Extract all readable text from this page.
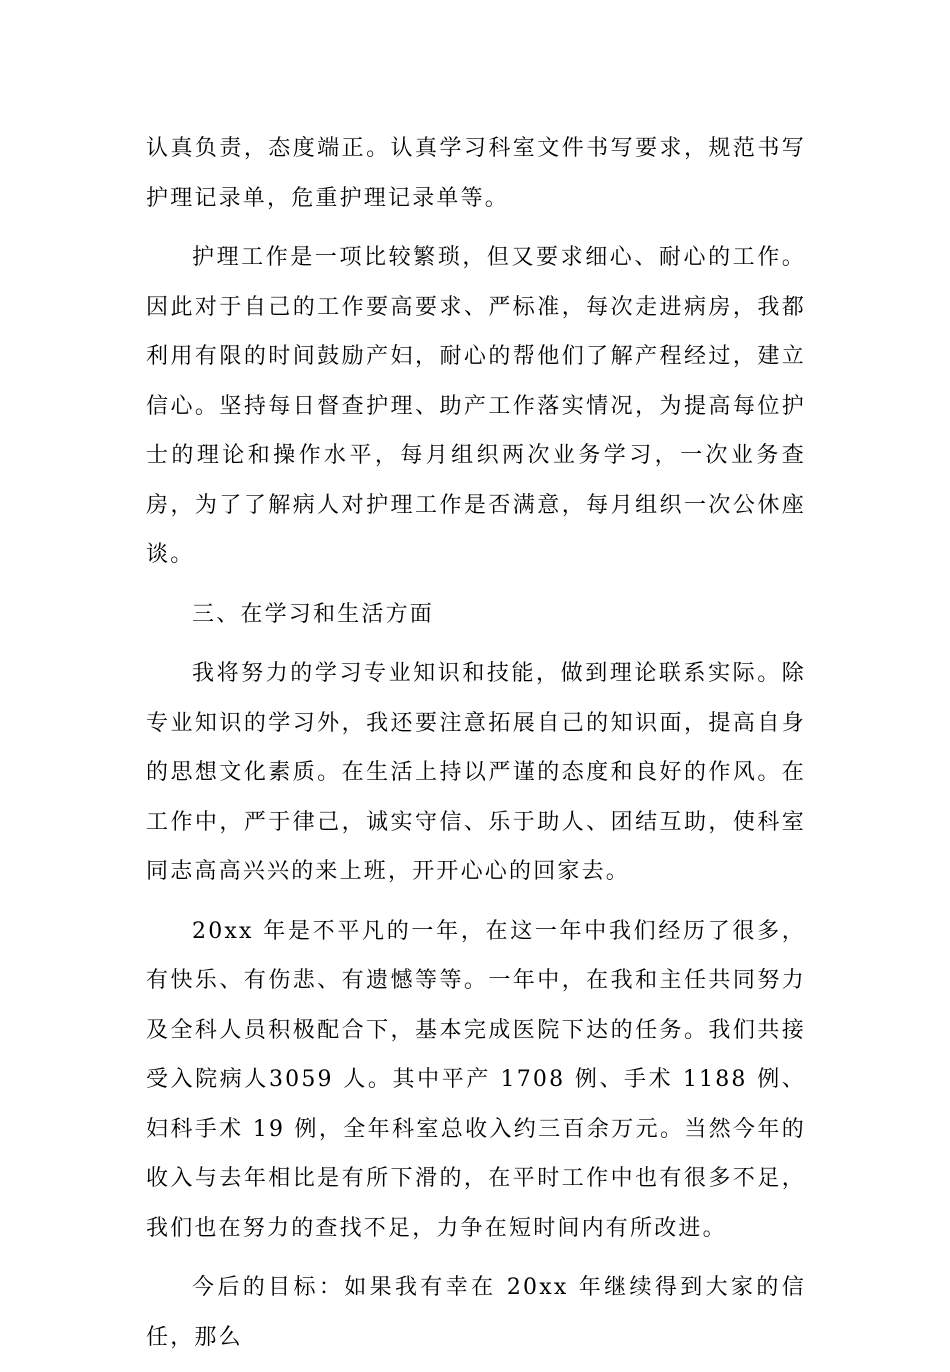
认真负责，态度端正。认真学习科室文件书写要求，规范书写护理记录单，危重护理记录单等。

护理工作是一项比较繁琐，但又要求细心、耐心的工作。因此对于自己的工作要高要求、严标准，每次走进病房，我都利用有限的时间鼓励产妇，耐心的帮他们了解产程经过，建立信心。坚持每日督查护理、助产工作落实情况，为提高每位护士的理论和操作水平，每月组织两次业务学习，一次业务查房，为了了解病人对护理工作是否满意，每月组织一次公休座谈。

三、在学习和生活方面

我将努力的学习专业知识和技能，做到理论联系实际。除专业知识的学习外，我还要注意拓展自己的知识面，提高自身的思想文化素质。在生活上持以严谨的态度和良好的作风。在工作中，严于律己，诚实守信、乐于助人、团结互助，使科室同志高高兴兴的来上班，开开心心的回家去。

20xx 年是不平凡的一年，在这一年中我们经历了很多，有快乐、有伤悲、有遗憾等等。一年中，在我和主任共同努力及全科人员积极配合下，基本完成医院下达的任务。我们共接受入院病人3059 人。其中平产 1708 例、手术 1188 例、妇科手术 19 例，全年科室总收入约三百余万元。当然今年的收入与去年相比是有所下滑的，在平时工作中也有很多不足，我们也在努力的查找不足，力争在短时间内有所改进。

今后的目标：如果我有幸在 20xx 年继续得到大家的信任，那么
